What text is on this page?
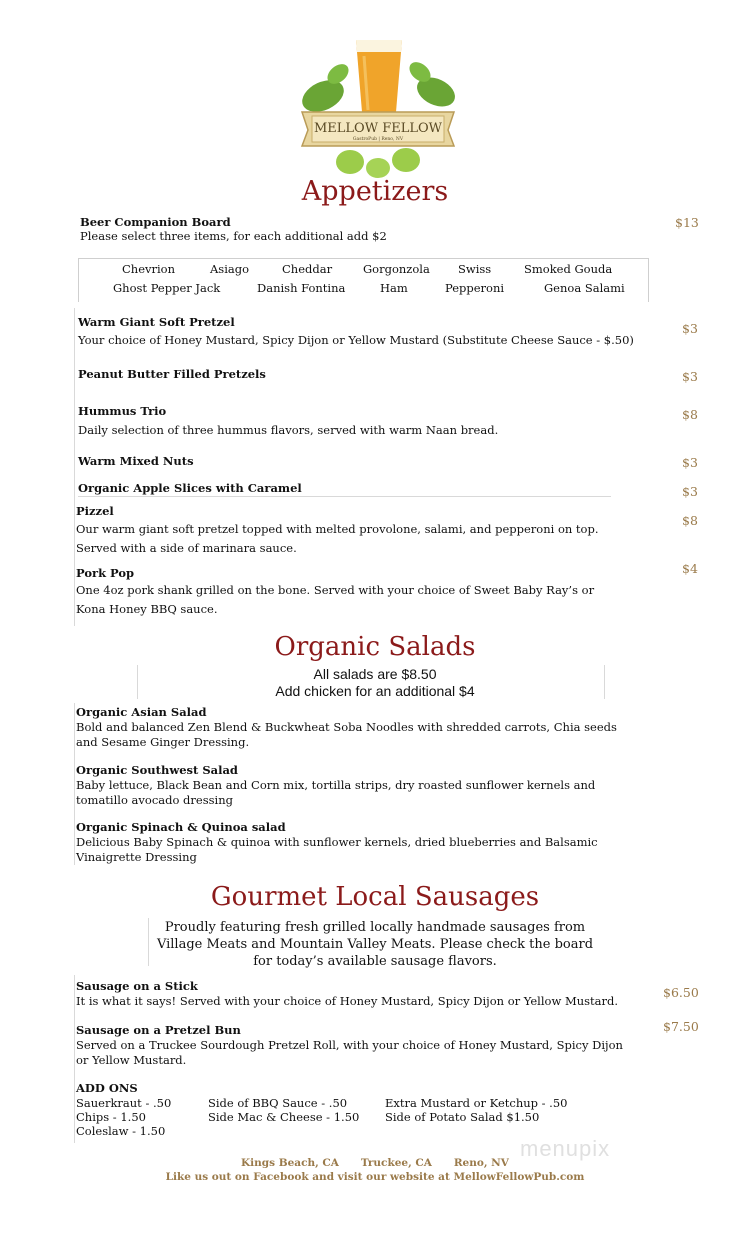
MELLOW FELLOW
GastroPub | Reno, NV
Appetizers
Beer Companion Board
Please select three items, for each additional add $2
$13
Chevrion	Asiago	Cheddar	Gorgonzola Swiss	Smoked Gouda
Ghost Pepper Jack	Danish Fontina	Ham	Pepperoni	Genoa Salami
Warm Giant Soft Pretzel
Your choice of Honey Mustard, Spicy Dijon or Yellow Mustard (Substitute Cheese Sauce - $.50)
$3
Peanut Butter Filled Pretzels	$3
Hummus Trio
Daily selection of three hummus flavors, served with warm Naan bread.
$8
Warm Mixed Nuts	$3
Organic Apple Slices with Caramel	$3
Pizzel
Our warm giant soft pretzel topped with melted provolone, salami, and pepperoni on top.
Served with a side of marinara sauce.
$8
Pork Pop
One 4oz pork shank grilled on the bone. Served with your choice of Sweet Baby Ray’s or
Kona Honey BBQ sauce.
$4
Organic Salads
All salads are $8.50
Add chicken for an additional $4
Organic Asian Salad
Bold and balanced Zen Blend & Buckwheat Soba Noodles with shredded carrots, Chia seeds
and Sesame Ginger Dressing.
Organic Southwest Salad
Baby lettuce, Black Bean and Corn mix, tortilla strips, dry roasted sunflower kernels and
tomatillo avocado dressing
Organic Spinach & Quinoa salad
Delicious Baby Spinach & quinoa with sunflower kernels, dried blueberries and Balsamic
Vinaigrette Dressing
Gourmet Local Sausages
Proudly featuring fresh grilled locally handmade sausages from
Village Meats and Mountain Valley Meats. Please check the board
for today’s available sausage flavors.
Sausage on a Stick
It is what it says! Served with your choice of Honey Mustard, Spicy Dijon or Yellow Mustard.
$6.50
Sausage on a Pretzel Bun
Served on a Truckee Sourdough Pretzel Roll, with your choice of Honey Mustard, Spicy Dijon
or Yellow Mustard.
$7.50
ADD ONS
Sauerkraut - .50
Chips - 1.50
Coleslaw - 1.50
Side of BBQ Sauce - .50
Side Mac & Cheese - 1.50
Extra Mustard or Ketchup - .50
Side of Potato Salad $1.50
menupix
Kings Beach, CA      Truckee, CA      Reno, NV
Like us out on Facebook and visit our website at MellowFellowPub.com
